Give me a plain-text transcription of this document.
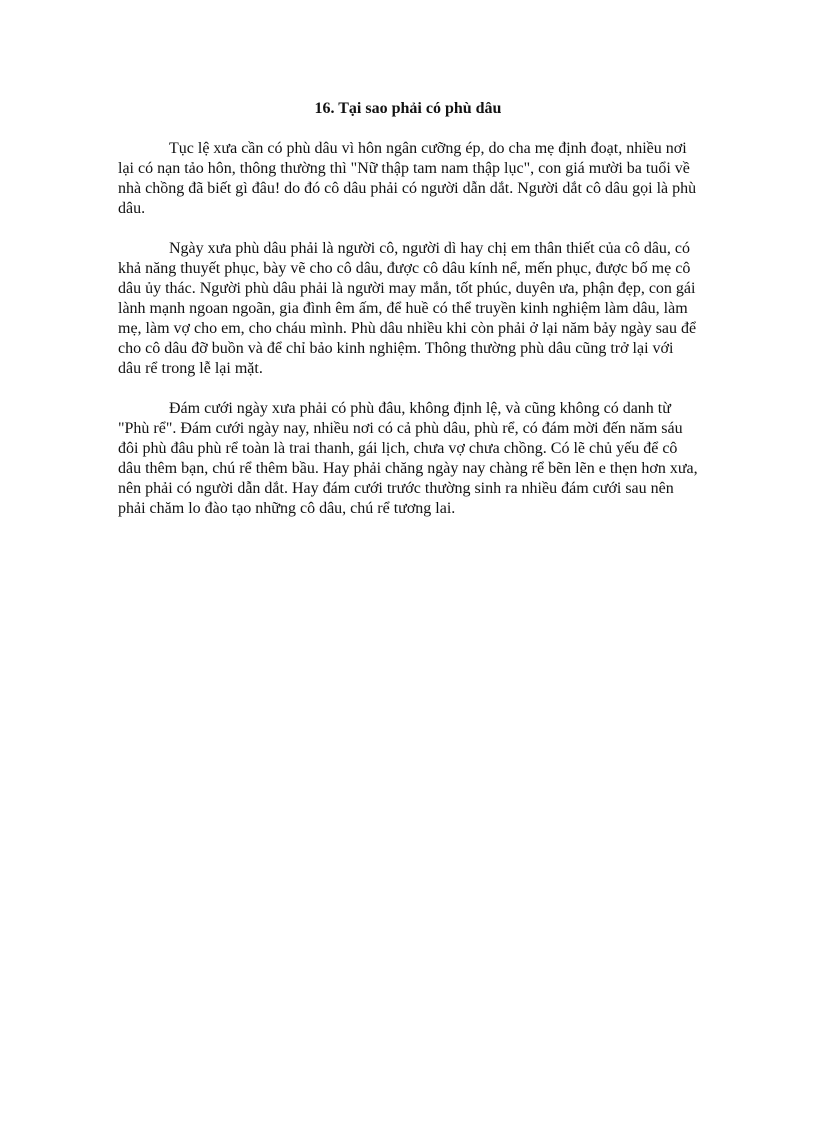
16. Tại sao phải có phù dâu

Tục lệ xưa cần có phù dâu vì hôn ngân cưỡng ép, do cha mẹ định đoạt, nhiều nơi lại có nạn tảo hôn, thông thường thì "Nữ thập tam nam thập lục", con giá mười ba tuổi về nhà chồng đã biết gì đâu! do đó cô dâu phải có người dẫn dắt. Người dắt cô dâu gọi là phù dâu.

Ngày xưa phù dâu phải là người cô, người dì hay chị em thân thiết của cô dâu, có khả năng thuyết phục, bày vẽ cho cô dâu, được cô dâu kính nể, mến phục, được bố mẹ cô dâu ủy thác. Người phù dâu phải là người may mắn, tốt phúc, duyên ưa, phận đẹp, con gái lành mạnh ngoan ngoãn, gia đình êm ấm, để huề có thể truyền kinh nghiệm làm dâu, làm mẹ, làm vợ cho em, cho cháu mình. Phù dâu nhiều khi còn phải ở lại năm bảy ngày sau để cho cô dâu đỡ buồn và để chỉ bảo kinh nghiệm. Thông thường phù dâu cũng trở lại với dâu rể trong lễ lại mặt.

Đám cưới ngày xưa phải có phù đâu, không định lệ, và cũng không có danh từ "Phù rể". Đám cưới ngày nay, nhiều nơi có cả phù dâu, phù rể, có đám mời đến năm sáu đôi phù đâu phù rể toàn là trai thanh, gái lịch, chưa vợ chưa chồng. Có lẽ chủ yếu để cô dâu thêm bạn, chú rể thêm bầu. Hay phải chăng ngày nay chàng rể bẽn lẽn e thẹn hơn xưa, nên phải có người dẫn dắt. Hay đám cưới trước thường sinh ra nhiều đám cưới sau nên phải chăm lo đào tạo những cô dâu, chú rể tương lai.
